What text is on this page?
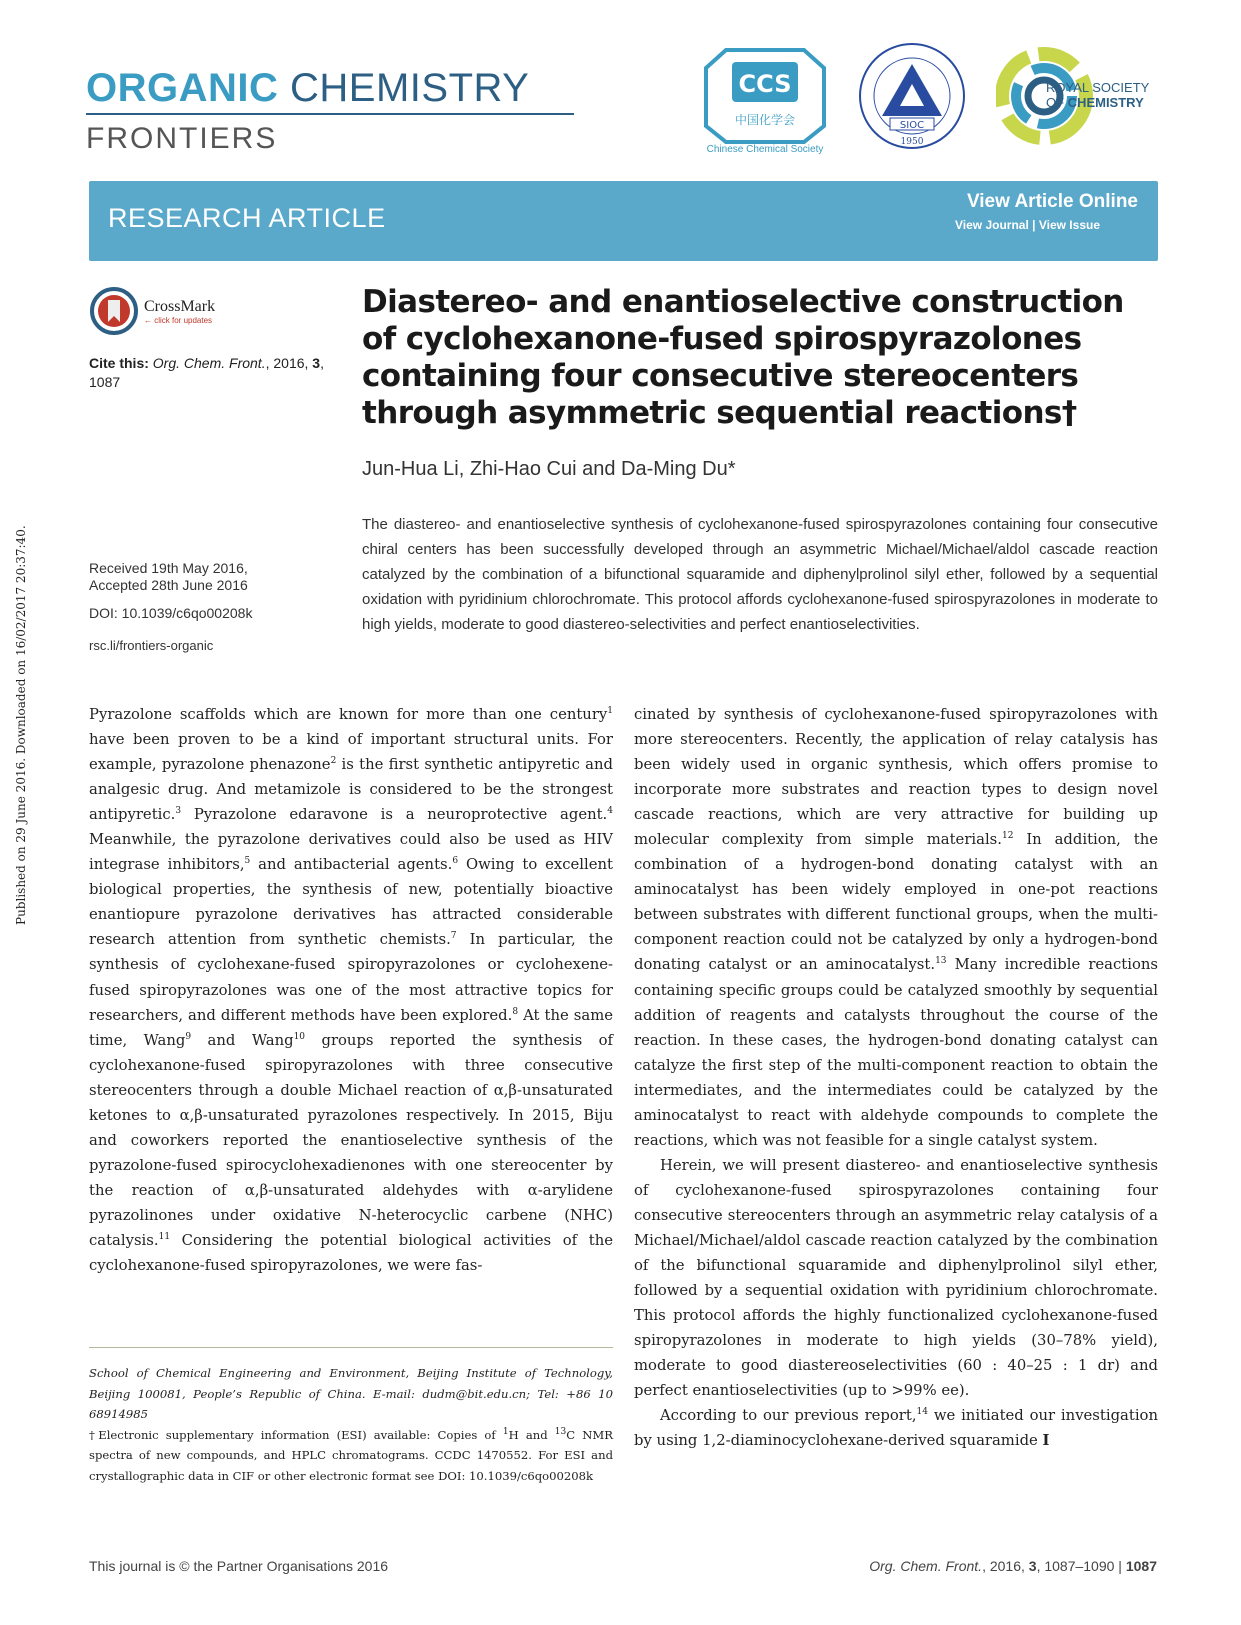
ORGANIC CHEMISTRY
FRONTIERS
CCS
中国化学会
Chinese Chemical Society
SIOC
1950
ROYAL SOCIETY
OF CHEMISTRY
RESEARCH ARTICLE
View Article Online
View Journal | View Issue
CrossMark
← click for updates
Cite this: Org. Chem. Front., 2016, 3,
1087
Received 19th May 2016,
Accepted 28th June 2016
DOI: 10.1039/c6qo00208k
rsc.li/frontiers-organic
Published on 29 June 2016. Downloaded on 16/02/2017 20:37:40.
Diastereo- and enantioselective construction of cyclohexanone-fused spirospyrazolones containing four consecutive stereocenters through asymmetric sequential reactions†
Jun-Hua Li, Zhi-Hao Cui and Da-Ming Du*
The diastereo- and enantioselective synthesis of cyclohexanone-fused spirospyrazolones containing four consecutive chiral centers has been successfully developed through an asymmetric Michael/Michael/aldol cascade reaction catalyzed by the combination of a bifunctional squaramide and diphenylprolinol silyl ether, followed by a sequential oxidation with pyridinium chlorochromate. This protocol affords cyclohexanone-fused spirospyrazolones in moderate to high yields, moderate to good diastereo-selectivities and perfect enantioselectivities.

Pyrazolone scaffolds which are known for more than one century$^1$ have been proven to be a kind of important structural units. For example, pyrazolone phenazone$^2$ is the first synthetic antipyretic and analgesic drug. And metamizole is considered to be the strongest antipyretic.$^3$ Pyrazolone edaravone is a neuroprotective agent.$^4$ Meanwhile, the pyrazolone derivatives could also be used as HIV integrase inhibitors,$^5$ and antibacterial agents.$^6$ Owing to excellent biological properties, the synthesis of new, potentially bioactive enantiopure pyrazolone derivatives has attracted considerable research attention from synthetic chemists.$^7$ In particular, the synthesis of cyclohexane-fused spiropyrazolones or cyclohexene-fused spiropyrazolones was one of the most attractive topics for researchers, and different methods have been explored.$^8$ At the same time, Wang$^9$ and Wang$^{10}$ groups reported the synthesis of cyclohexanone-fused spiropyrazolones with three consecutive stereocenters through a double Michael reaction of α,β-unsaturated ketones to α,β-unsaturated pyrazolones respectively. In 2015, Biju and coworkers reported the enantioselective synthesis of the pyrazolone-fused spirocyclohexadienones with one stereocenter by the reaction of α,β-unsaturated aldehydes with α-arylidene pyrazolinones under oxidative N-heterocyclic carbene (NHC) catalysis.$^{11}$ Considering the potential biological activities of the cyclohexanone-fused spiropyrazolones, we were fas-

cinated by synthesis of cyclohexanone-fused spiropyrazolones with more stereocenters. Recently, the application of relay catalysis has been widely used in organic synthesis, which offers promise to incorporate more substrates and reaction types to design novel cascade reactions, which are very attractive for building up molecular complexity from simple materials.$^{12}$ In addition, the combination of a hydrogen-bond donating catalyst with an aminocatalyst has been widely employed in one-pot reactions between substrates with different functional groups, when the multi-component reaction could not be catalyzed by only a hydrogen-bond donating catalyst or an aminocatalyst.$^{13}$ Many incredible reactions containing specific groups could be catalyzed smoothly by sequential addition of reagents and catalysts throughout the course of the reaction. In these cases, the hydrogen-bond donating catalyst can catalyze the first step of the multi-component reaction to obtain the intermediates, and the intermediates could be catalyzed by the aminocatalyst to react with aldehyde compounds to complete the reactions, which was not feasible for a single catalyst system.

Herein, we will present diastereo- and enantioselective synthesis of cyclohexanone-fused spirospyrazolones containing four consecutive stereocenters through an asymmetric relay catalysis of a Michael/Michael/aldol cascade reaction catalyzed by the combination of the bifunctional squaramide and diphenylprolinol silyl ether, followed by a sequential oxidation with pyridinium chlorochromate. This protocol affords the highly functionalized cyclohexanone-fused spiropyrazolones in moderate to high yields (30–78% yield), moderate to good diastereoselectivities (60 : 40–25 : 1 dr) and perfect enantioselectivities (up to >99% ee).

According to our previous report,$^{14}$ we initiated our investigation by using 1,2-diaminocyclohexane-derived squaramide I

School of Chemical Engineering and Environment, Beijing Institute of Technology, Beijing 100081, People’s Republic of China. E-mail: dudm@bit.edu.cn; Tel: +86 10 68914985

†Electronic supplementary information (ESI) available: Copies of $^1$H and $^{13}$C NMR spectra of new compounds, and HPLC chromatograms. CCDC 1470552. For ESI and crystallographic data in CIF or other electronic format see DOI: 10.1039/c6qo00208k

This journal is © the Partner Organisations 2016	Org. Chem. Front., 2016, 3, 1087–1090 | 1087
